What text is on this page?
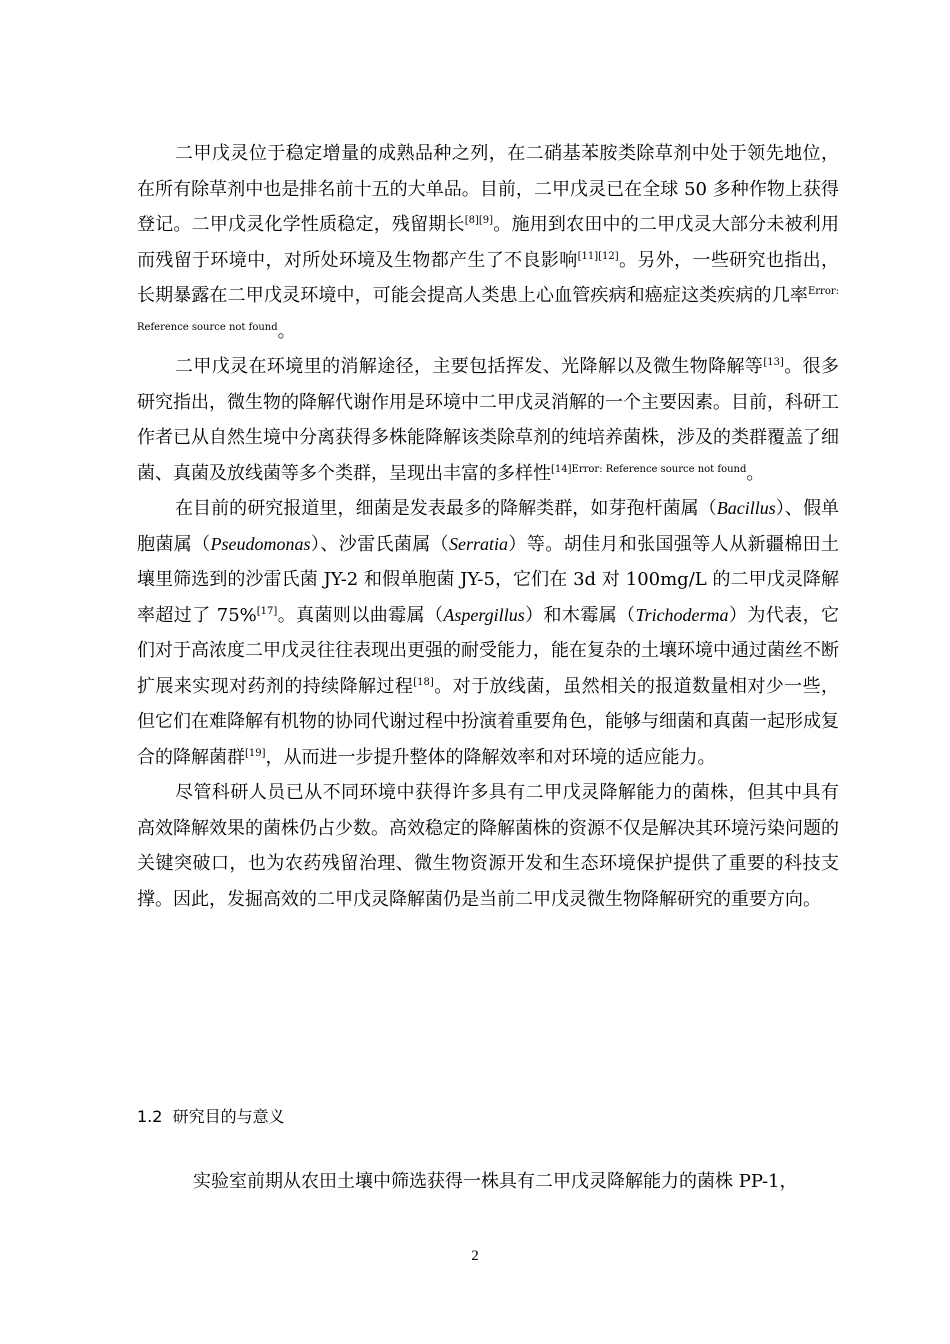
二甲戊灵位于稳定增量的成熟品种之列，在二硝基苯胺类除草剂中处于领先地位，在所有除草剂中也是排名前十五的大单品。目前，二甲戊灵已在全球 50 多种作物上获得登记。二甲戊灵化学性质稳定，残留期长[8][9]。施用到农田中的二甲戊灵大部分未被利用而残留于环境中，对所处环境及生物都产生了不良影响[11][12]。另外，一些研究也指出，长期暴露在二甲戊灵环境中，可能会提高人类患上心血管疾病和癌症这类疾病的几率$^{Error: Reference source not found}$。

二甲戊灵在环境里的消解途径，主要包括挥发、光降解以及微生物降解等[13]。很多研究指出，微生物的降解代谢作用是环境中二甲戊灵消解的一个主要因素。目前，科研工作者已从自然生境中分离获得多株能降解该类除草剂的纯培养菌株，涉及的类群覆盖了细菌、真菌及放线菌等多个类群，呈现出丰富的多样性$^{[14]Error: Reference source not found}$。

在目前的研究报道里，细菌是发表最多的降解类群，如芽孢杆菌属（Bacillus）、假单胞菌属（Pseudomonas）、沙雷氏菌属（Serratia）等。胡佳月和张国强等人从新疆棉田土壤里筛选到的沙雷氏菌 JY-2 和假单胞菌 JY-5，它们在 3d 对 100mg/L 的二甲戊灵降解率超过了 75%[17]。真菌则以曲霉属（Aspergillus）和木霉属（Trichoderma）为代表，它们对于高浓度二甲戊灵往往表现出更强的耐受能力，能在复杂的土壤环境中通过菌丝不断扩展来实现对药剂的持续降解过程[18]。对于放线菌，虽然相关的报道数量相对少一些，但它们在难降解有机物的协同代谢过程中扮演着重要角色，能够与细菌和真菌一起形成复合的降解菌群[19]，从而进一步提升整体的降解效率和对环境的适应能力。

尽管科研人员已从不同环境中获得许多具有二甲戊灵降解能力的菌株，但其中具有高效降解效果的菌株仍占少数。高效稳定的降解菌株的资源不仅是解决其环境污染问题的关键突破口，也为农药残留治理、微生物资源开发和生态环境保护提供了重要的科技支撑。因此，发掘高效的二甲戊灵降解菌仍是当前二甲戊灵微生物降解研究的重要方向。

1.2 研究目的与意义

实验室前期从农田土壤中筛选获得一株具有二甲戊灵降解能力的菌株 PP-1，

2
